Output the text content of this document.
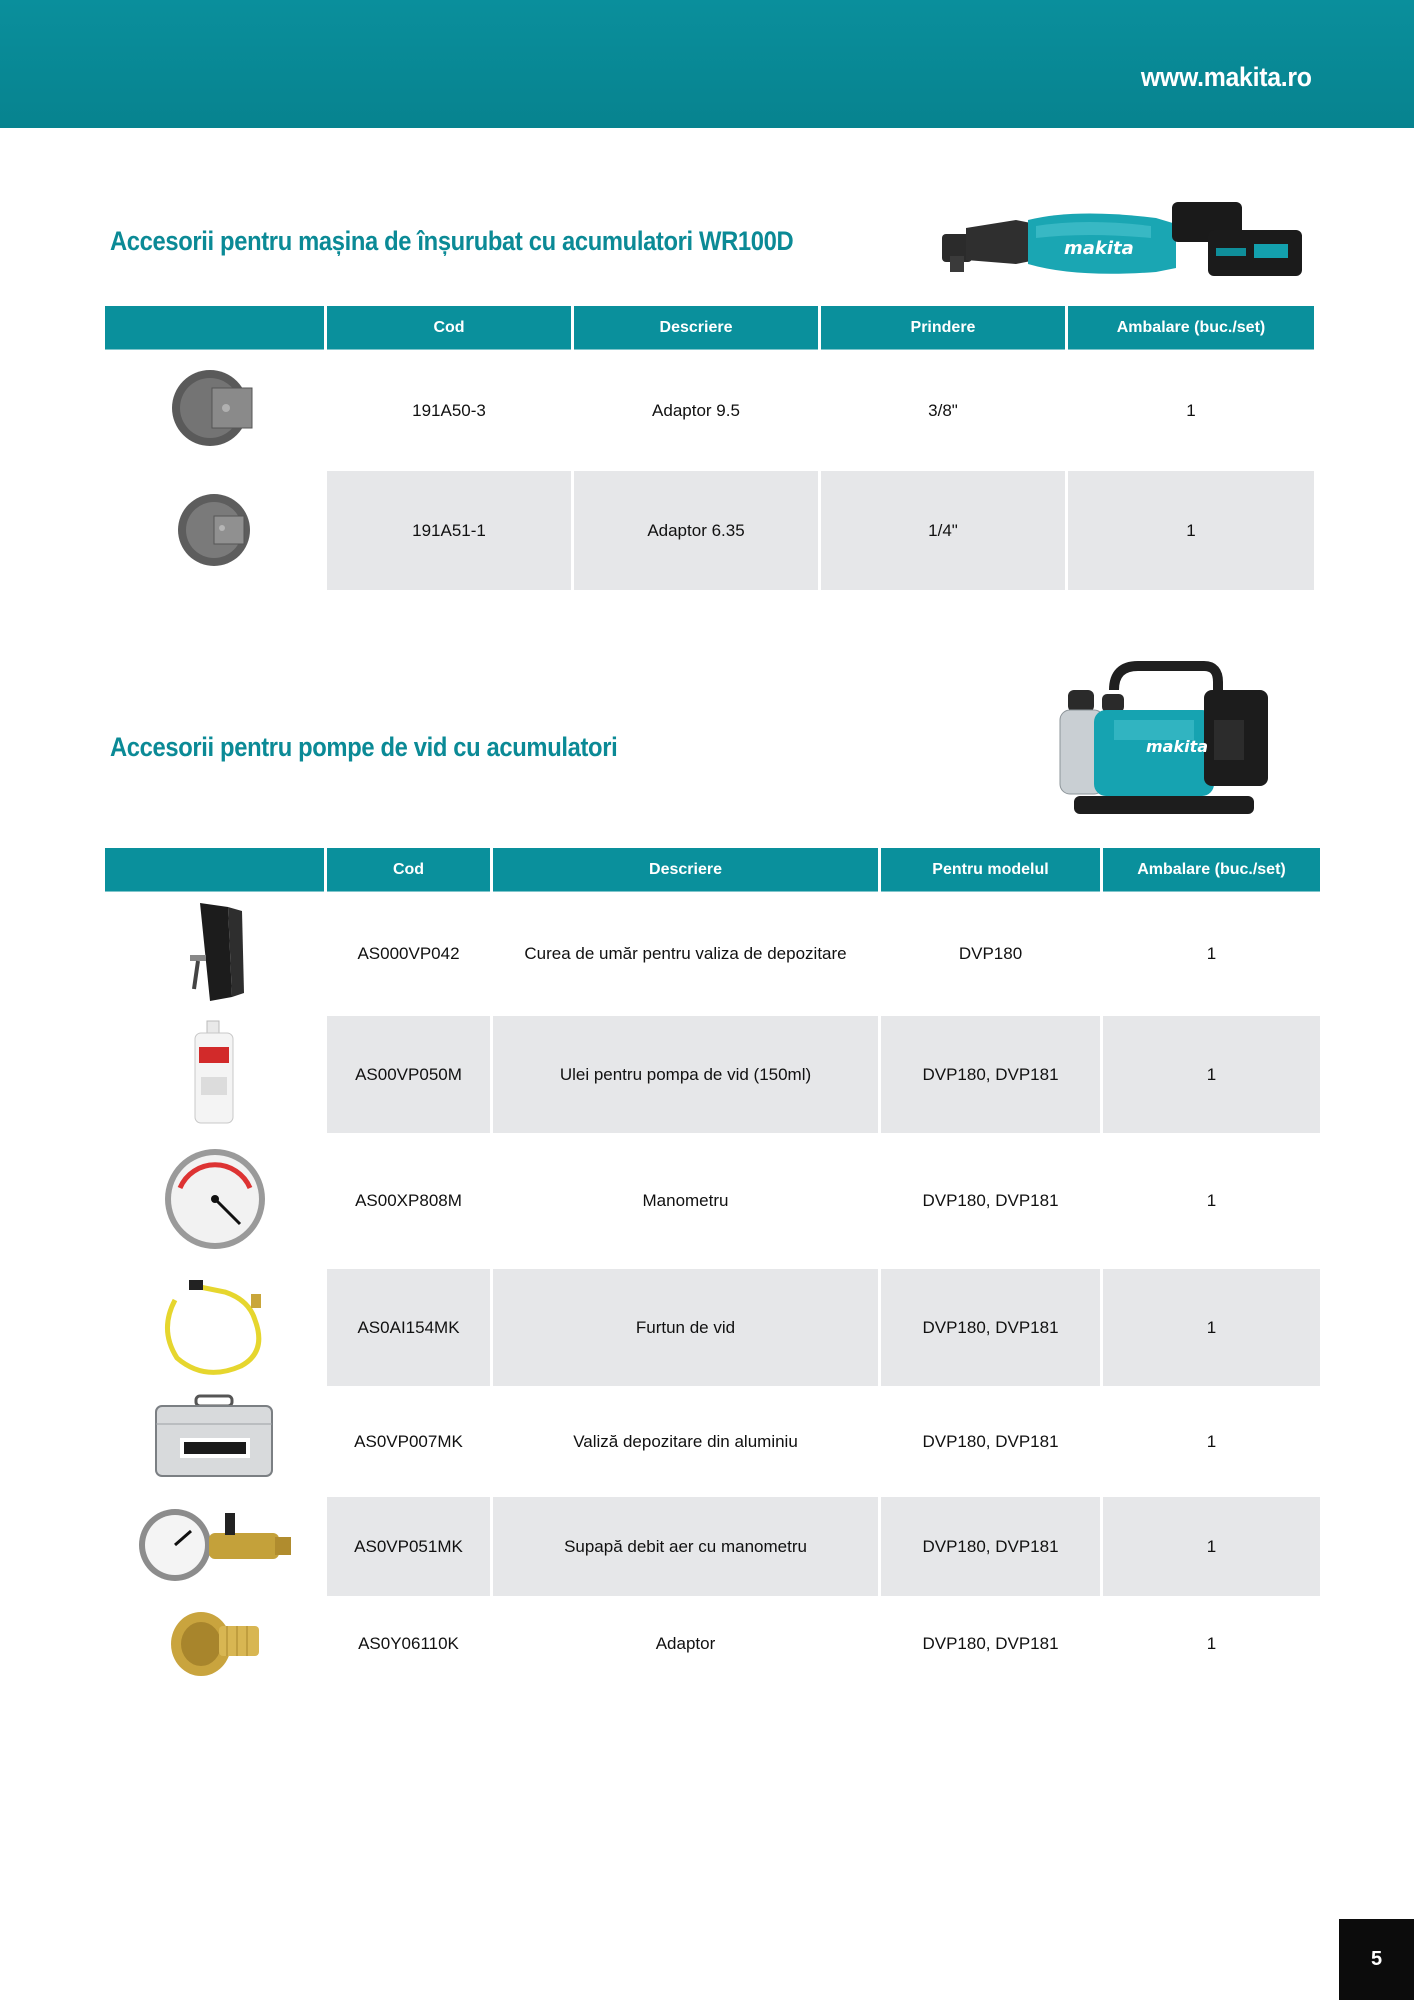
www.makita.ro
Accesorii pentru mașina de înșurubat cu acumulatori WR100D	makita
	Cod	Descriere	Prindere	Ambalare (buc./set)
	191A50-3	Adaptor 9.5	3/8"	1
	191A51-1	Adaptor 6.35	1/4"	1
Accesorii pentru pompe de vid cu acumulatori	makita
	Cod	Descriere	Pentru modelul	Ambalare (buc./set)
	AS000VP042	Curea de umăr pentru valiza de depozitare	DVP180	1
	AS00VP050M	Ulei pentru pompa de vid (150ml)	DVP180, DVP181	1
	AS00XP808M	Manometru	DVP180, DVP181	1
	AS0AI154MK	Furtun de vid	DVP180, DVP181	1
	AS0VP007MK	Valiză depozitare din aluminiu	DVP180, DVP181	1
	AS0VP051MK	Supapă debit aer cu manometru	DVP180, DVP181	1
	AS0Y06110K	Adaptor	DVP180, DVP181	1
5
